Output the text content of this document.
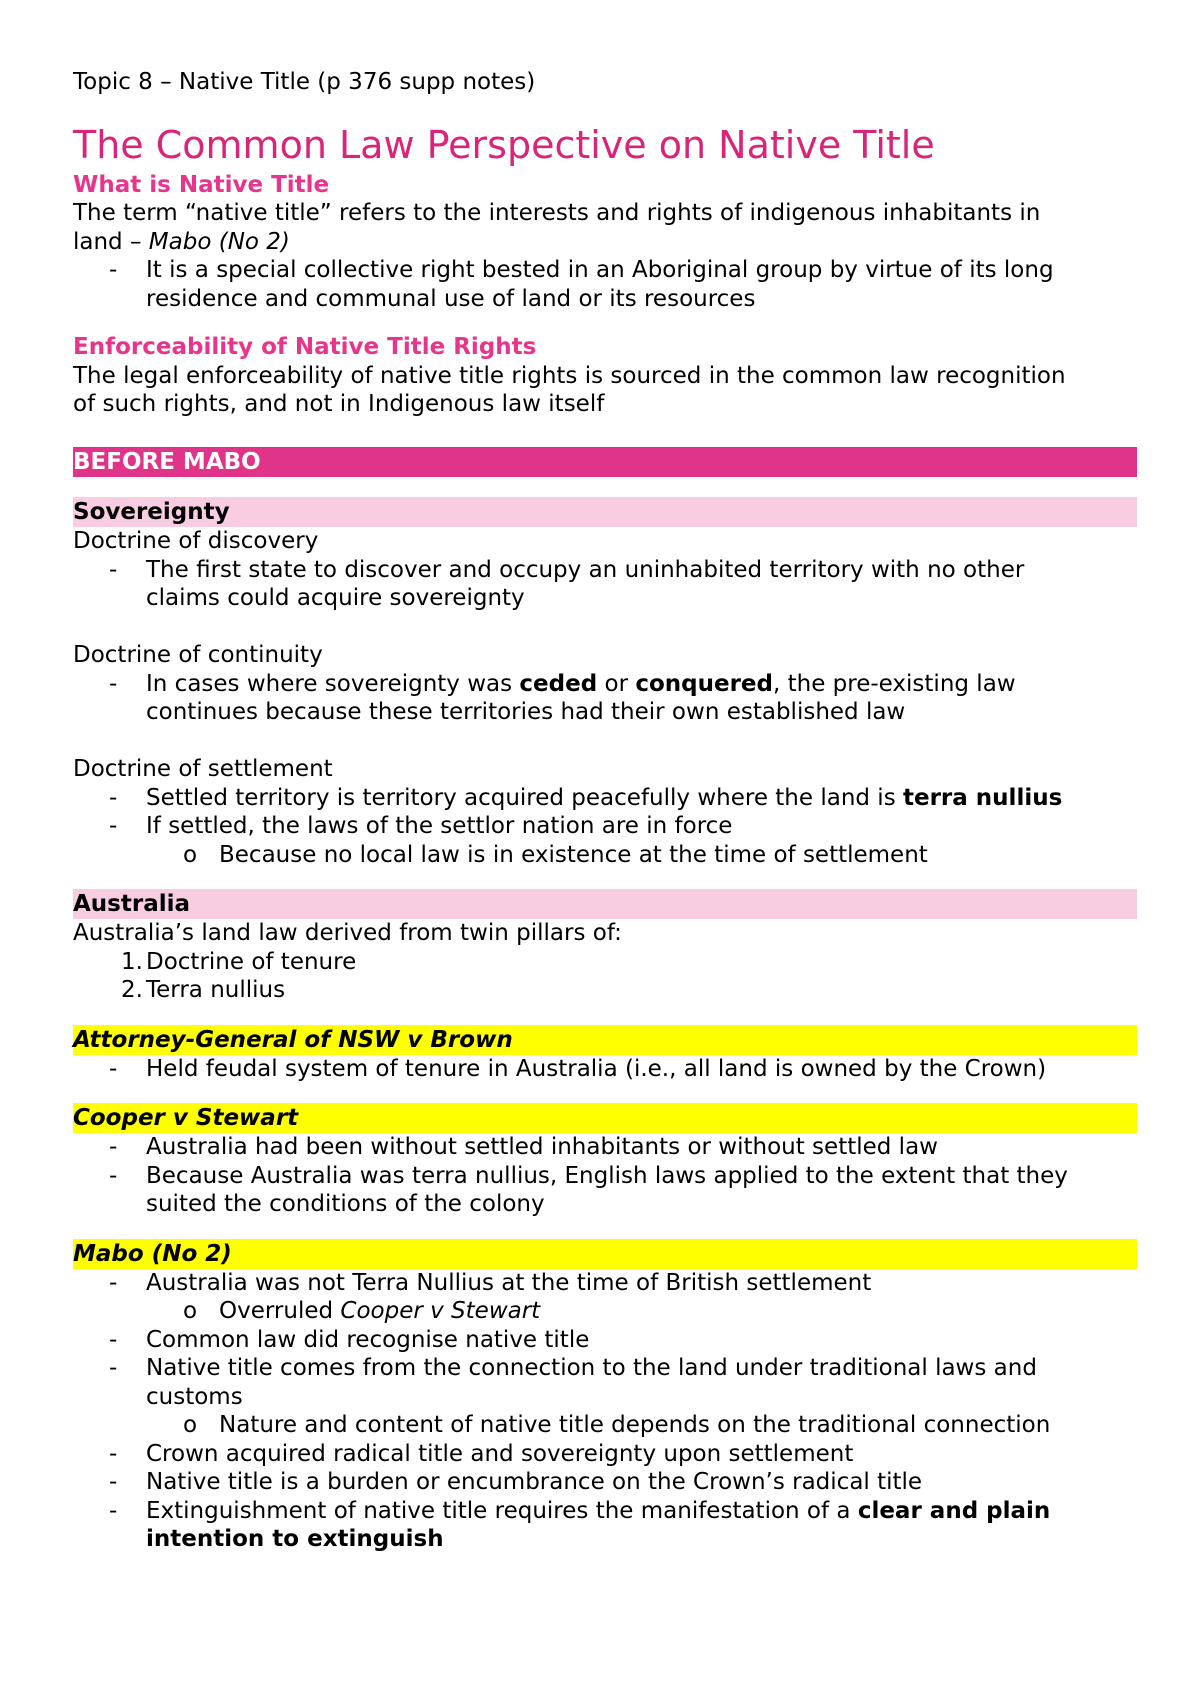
Topic 8 – Native Title (p 376 supp notes)
The Common Law Perspective on Native Title
What is Native Title
The term “native title” refers to the interests and rights of indigenous inhabitants in
land – Mabo (No 2)
- It is a special collective right bested in an Aboriginal group by virtue of its long
residence and communal use of land or its resources
Enforceability of Native Title Rights
The legal enforceability of native title rights is sourced in the common law recognition
of such rights, and not in Indigenous law itself
BEFORE MABO
Sovereignty
Doctrine of discovery
- The first state to discover and occupy an uninhabited territory with no other
claims could acquire sovereignty
Doctrine of continuity
- In cases where sovereignty was ceded or conquered, the pre-existing law
continues because these territories had their own established law
Doctrine of settlement
- Settled territory is territory acquired peacefully where the land is terra nullius
- If settled, the laws of the settlor nation are in force
o Because no local law is in existence at the time of settlement
Australia
Australia’s land law derived from twin pillars of:
1. Doctrine of tenure
2. Terra nullius
Attorney-General of NSW v Brown
- Held feudal system of tenure in Australia (i.e., all land is owned by the Crown)
Cooper v Stewart
- Australia had been without settled inhabitants or without settled law
- Because Australia was terra nullius, English laws applied to the extent that they
suited the conditions of the colony
Mabo (No 2)
- Australia was not Terra Nullius at the time of British settlement
o Overruled Cooper v Stewart
- Common law did recognise native title
- Native title comes from the connection to the land under traditional laws and
customs
o Nature and content of native title depends on the traditional connection
- Crown acquired radical title and sovereignty upon settlement
- Native title is a burden or encumbrance on the Crown’s radical title
- Extinguishment of native title requires the manifestation of a clear and plain
intention to extinguish
